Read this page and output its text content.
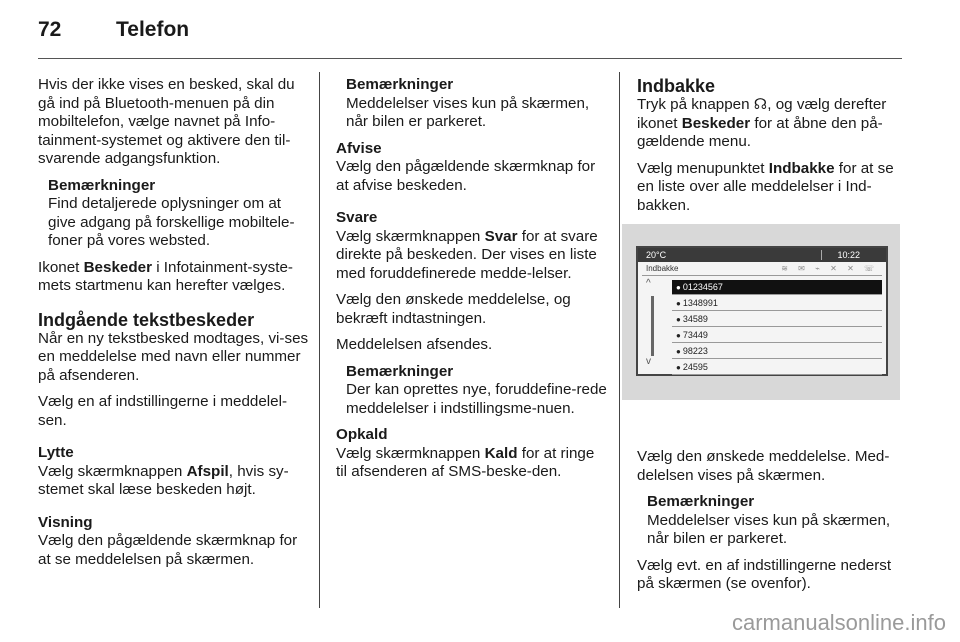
72	Telefon

Hvis der ikke vises en besked, skal du gå ind på Bluetooth-menuen på din mobiltelefon, vælge navnet på Info-tainment-systemet og aktivere den til-svarende adgangsfunktion.

Bemærkninger

Find detaljerede oplysninger om at give adgang på forskellige mobiltele-foner på vores websted.

Ikonet Beskeder i Infotainment-syste-mets startmenu kan herefter vælges.

Indgående tekstbeskeder

Når en ny tekstbesked modtages, vi-ses en meddelelse med navn eller nummer på afsenderen.

Vælg en af indstillingerne i meddelel-sen.

Lytte

Vælg skærmknappen Afspil, hvis sy-stemet skal læse beskeden højt.

Visning

Vælg den pågældende skærmknap for at se meddelelsen på skærmen.

Bemærkninger

Meddelelser vises kun på skærmen, når bilen er parkeret.

Afvise

Vælg den pågældende skærmknap for at afvise beskeden.

Svare

Vælg skærmknappen Svar for at svare direkte på beskeden. Der vises en liste med foruddefinerede medde-lelser.

Vælg den ønskede meddelelse, og bekræft indtastningen.

Meddelelsen afsendes.

Bemærkninger

Der kan oprettes nye, foruddefine-rede meddelelser i indstillingsme-nuen.

Opkald

Vælg skærmknappen Kald for at ringe til afsenderen af SMS-beske-den.

Indbakke

Tryk på knappen ☊, og vælg derefter ikonet Beskeder for at åbne den på-gældende menu.

Vælg menupunktet Indbakke for at se en liste over alle meddelelser i Ind-bakken.

Vælg den ønskede meddelelse. Med-delelsen vises på skærmen.

Bemærkninger

Meddelelser vises kun på skærmen, når bilen er parkeret.

Vælg evt. en af indstillingerne nederst på skærmen (se ovenfor).

20°C	10:22
Indbakke	≋ ✉ ⌁ ✕ ✕ ☏
^
v
● 01234567
● 1348991
● 34589
● 73449
● 98223
● 24595
carmanualsonline.info
